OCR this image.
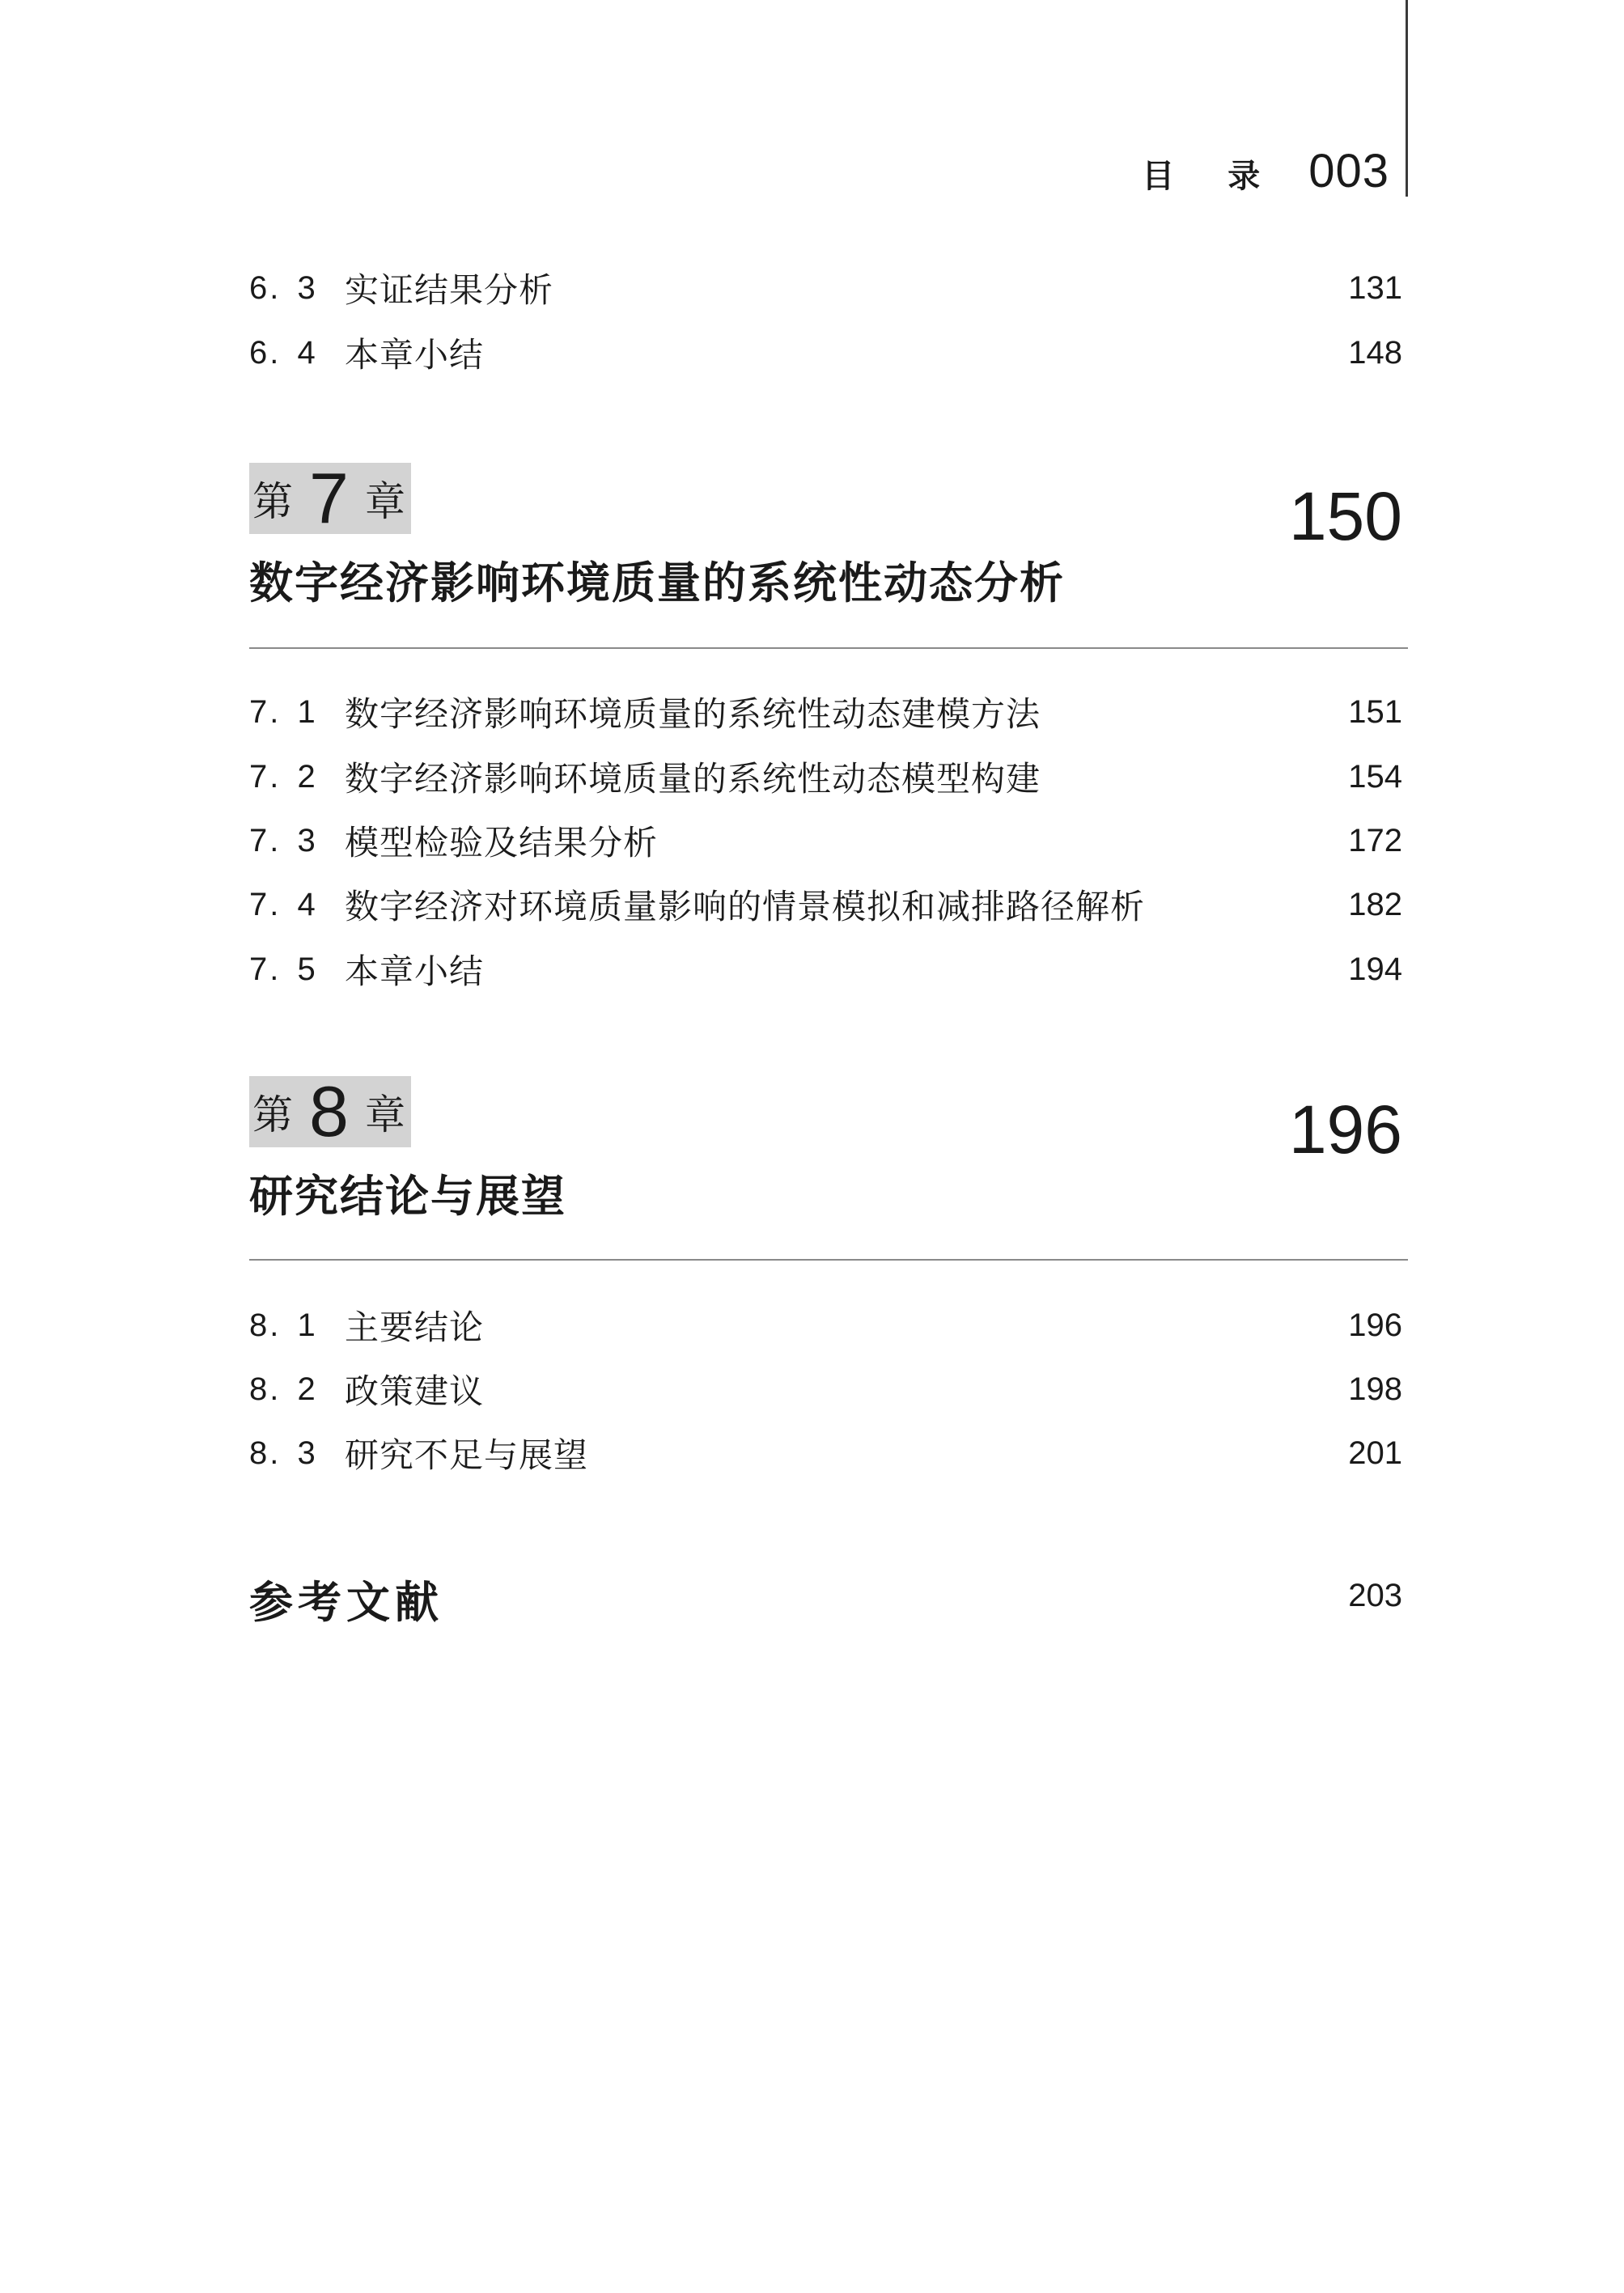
目 录 003
6. 3 实证结果分析	131
6. 4 本章小结	148
第 7 章	150
数字经济影响环境质量的系统性动态分析
7. 1 数字经济影响环境质量的系统性动态建模方法	151
7. 2 数字经济影响环境质量的系统性动态模型构建	154
7. 3 模型检验及结果分析	172
7. 4 数字经济对环境质量影响的情景模拟和减排路径解析	182
7. 5 本章小结	194
第 8 章	196
研究结论与展望
8. 1 主要结论	196
8. 2 政策建议	198
8. 3 研究不足与展望	201
参考文献	203
